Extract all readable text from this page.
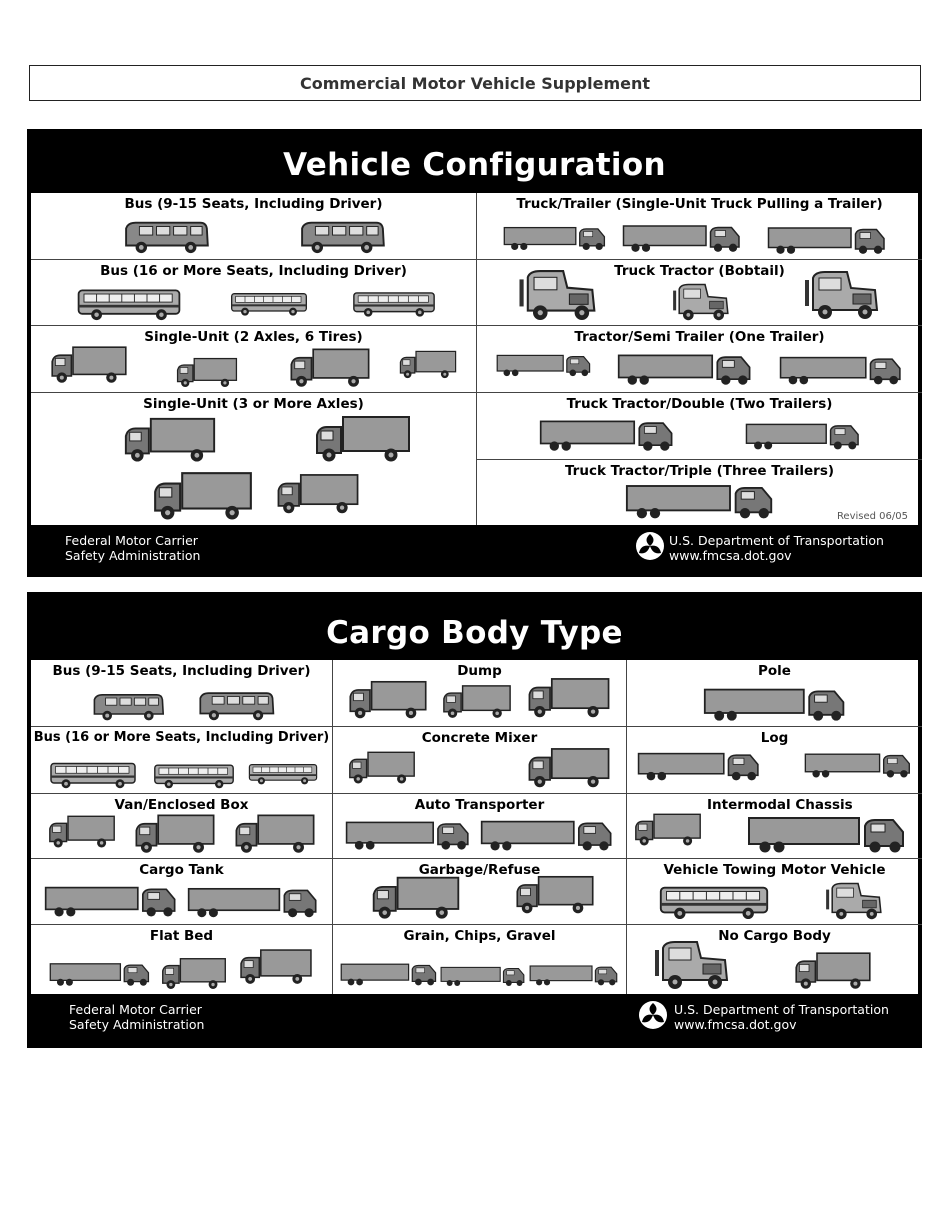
Commercial Motor Vehicle Supplement
Vehicle Configuration
Bus (9-15 Seats, Including Driver)	Truck/Trailer (Single-Unit Truck Pulling a Trailer)
Bus (16 or More Seats, Including Driver)	Truck Tractor (Bobtail)
Single-Unit (2 Axles, 6 Tires)	Tractor/Semi Trailer (One Trailer)
Single-Unit (3 or More Axles)	Truck Tractor/Double (Two Trailers)
Truck Tractor/Triple (Three Trailers)
Revised 06/05
Federal Motor Carrier
Safety Administration
U.S. Department of Transportation
www.fmcsa.dot.gov
Cargo Body Type
Bus (9-15 Seats, Including Driver)	Dump	Pole
Bus (16 or More Seats, Including Driver)	Concrete Mixer	Log
Van/Enclosed Box	Auto Transporter	Intermodal Chassis
Cargo Tank	Garbage/Refuse	Vehicle Towing Motor Vehicle
Flat Bed	Grain, Chips, Gravel	No Cargo Body
Federal Motor Carrier
Safety Administration
U.S. Department of Transportation
www.fmcsa.dot.gov
